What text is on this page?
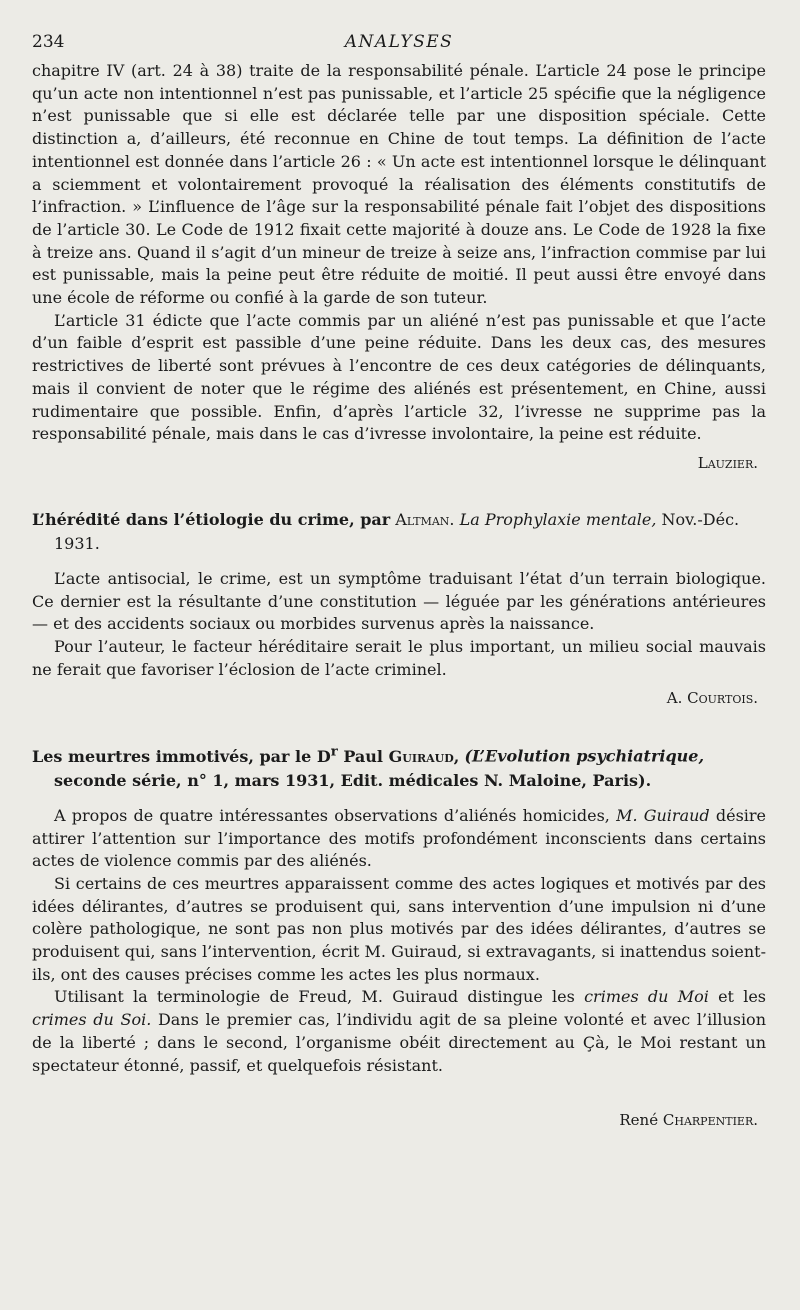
234	ANALYSES

chapitre IV (art. 24 à 38) traite de la responsabilité pénale. L’article 24 pose le principe qu’un acte non intentionnel n’est pas punissable, et l’article 25 spécifie que la négligence n’est punissable que si elle est déclarée telle par une disposition spéciale. Cette distinction a, d’ailleurs, été reconnue en Chine de tout temps. La définition de l’acte intentionnel est donnée dans l’article 26 : « Un acte est intentionnel lorsque le délinquant a sciemment et volontairement provoqué la réalisation des éléments constitutifs de l’infraction. » L’influence de l’âge sur la responsabilité pénale fait l’objet des dispositions de l’article 30. Le Code de 1912 fixait cette majorité à douze ans. Le Code de 1928 la fixe à treize ans. Quand il s’agit d’un mineur de treize à seize ans, l’infraction commise par lui est punissable, mais la peine peut être réduite de moitié. Il peut aussi être envoyé dans une école de réforme ou confié à la garde de son tuteur.

L’article 31 édicte que l’acte commis par un aliéné n’est pas punissable et que l’acte d’un faible d’esprit est passible d’une peine réduite. Dans les deux cas, des mesures restrictives de liberté sont prévues à l’encontre de ces deux catégories de délinquants, mais il convient de noter que le régime des aliénés est présentement, en Chine, aussi rudimentaire que possible. Enfin, d’après l’article 32, l’ivresse ne supprime pas la responsabilité pénale, mais dans le cas d’ivresse involontaire, la peine est réduite.

Lauzier.

L’hérédité dans l’étiologie du crime, par Altman. La Prophylaxie mentale, Nov.-Déc. 1931.

L’acte antisocial, le crime, est un symptôme traduisant l’état d’un terrain biologique. Ce dernier est la résultante d’une constitution — léguée par les générations antérieures — et des accidents sociaux ou morbides survenus après la naissance.

Pour l’auteur, le facteur héréditaire serait le plus important, un milieu social mauvais ne ferait que favoriser l’éclosion de l’acte criminel.

A. Courtois.

Les meurtres immotivés, par le $D^r$ Paul Guiraud, (L’Evolution psychiatrique, seconde série, n° 1, mars 1931, Edit. médicales N. Maloine, Paris).

A propos de quatre intéressantes observations d’aliénés homicides, M. Guiraud désire attirer l’attention sur l’importance des motifs profondément inconscients dans certains actes de violence commis par des aliénés.

Si certains de ces meurtres apparaissent comme des actes logiques et motivés par des idées délirantes, d’autres se produisent qui, sans intervention d’une impulsion ni d’une colère pathologique, ne sont pas non plus motivés par des idées délirantes, d’autres se produisent qui, sans l’intervention, écrit M. Guiraud, si extravagants, si inattendus soient-ils, ont des causes précises comme les actes les plus normaux.

Utilisant la terminologie de Freud, M. Guiraud distingue les crimes du Moi et les crimes du Soi. Dans le premier cas, l’individu agit de sa pleine volonté et avec l’illusion de la liberté ; dans le second, l’organisme obéit directement au Çà, le Moi restant un spectateur étonné, passif, et quelquefois résistant.

René Charpentier.
